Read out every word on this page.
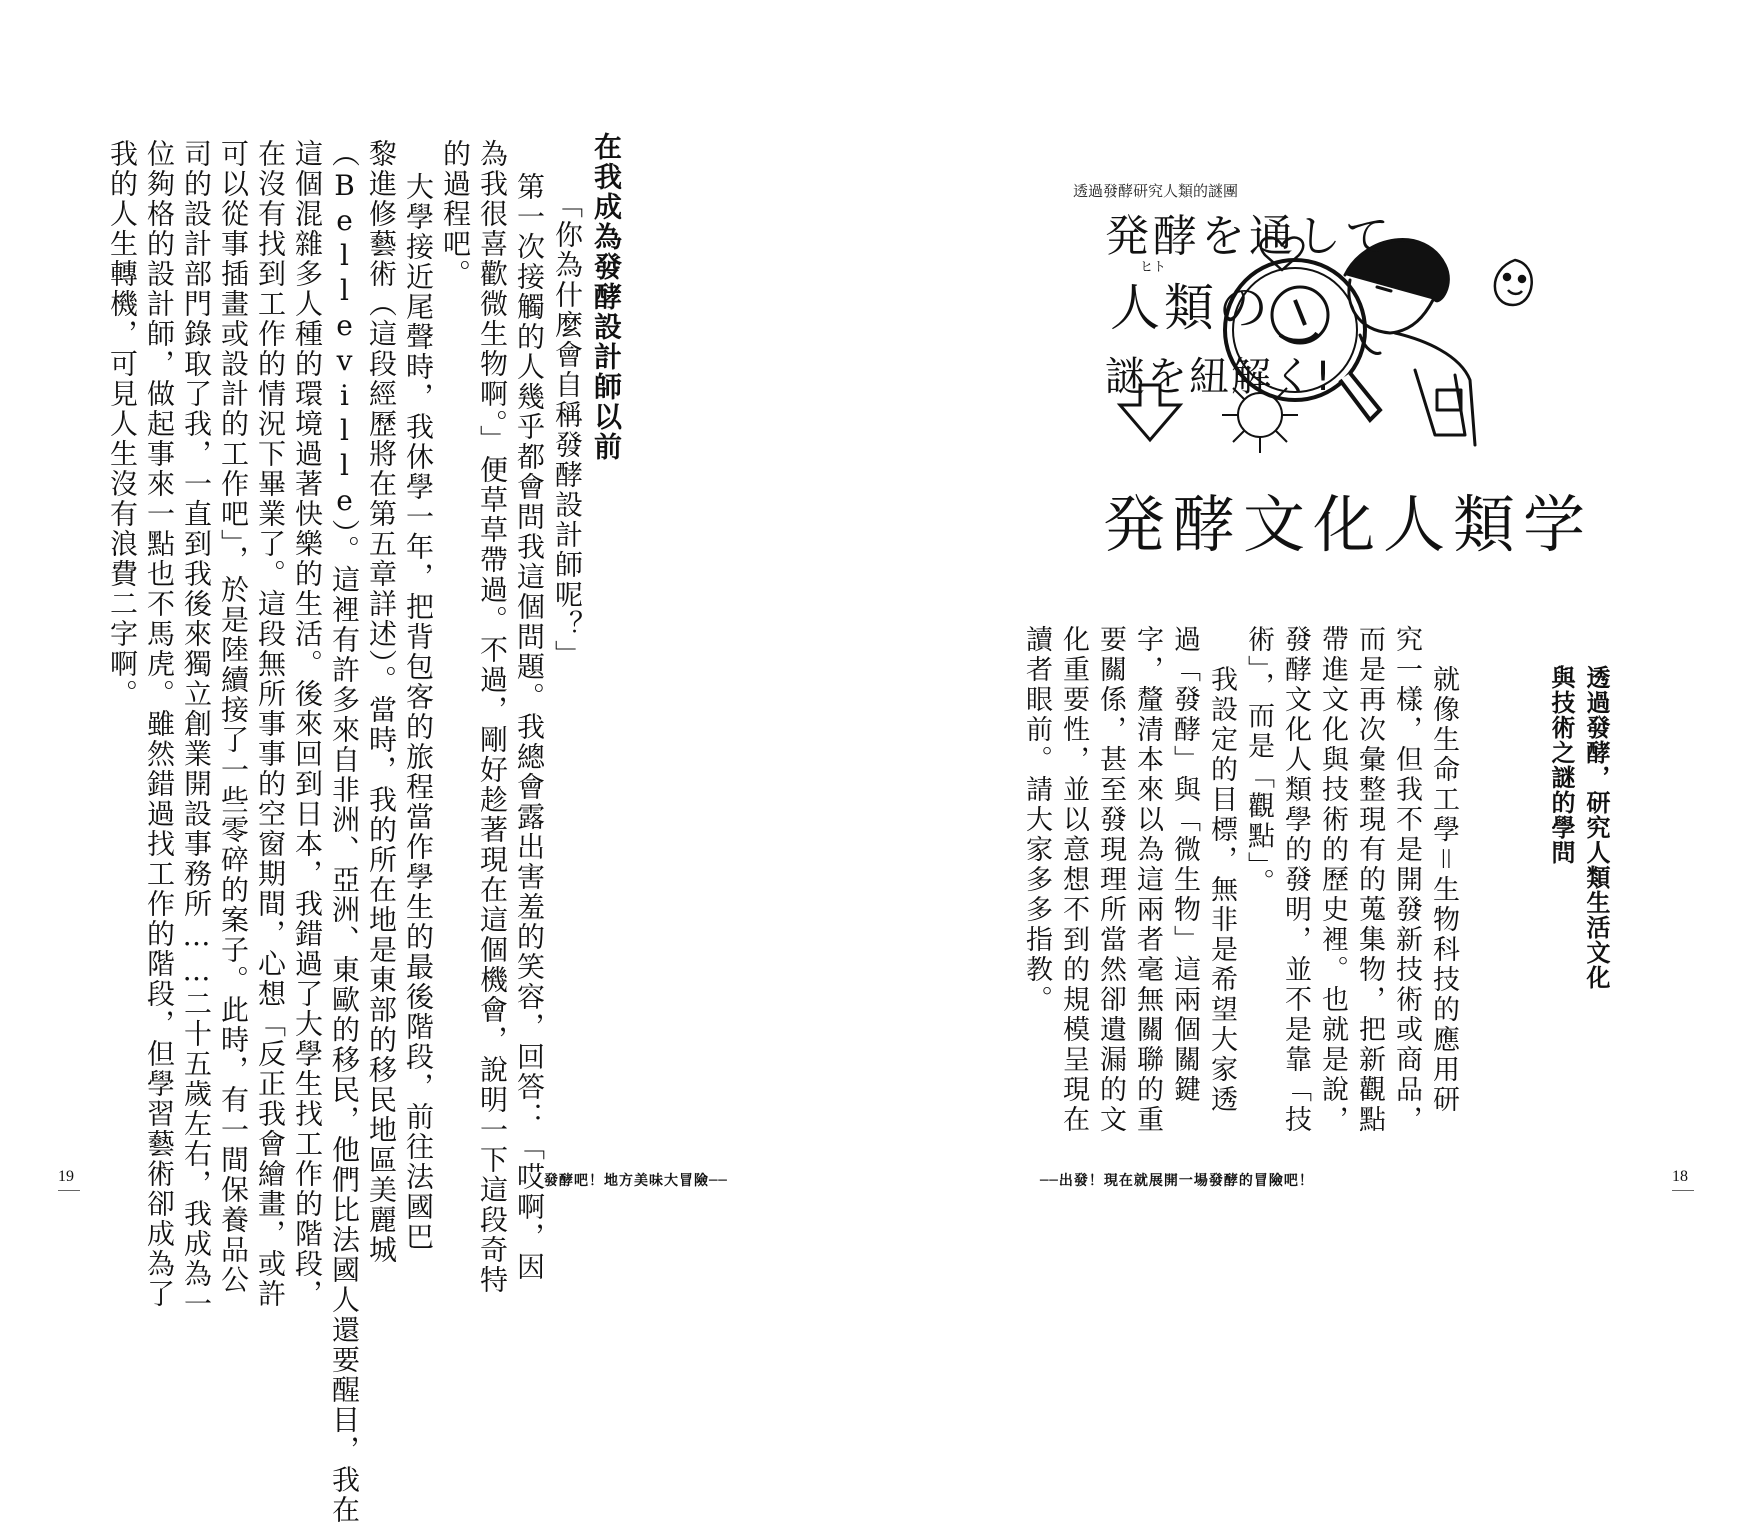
在我成為發酵設計師以前
「你為什麼會自稱發酵設計師呢？」
第一次接觸的人幾乎都會問我這個問題。我總會露出害羞的笑容，回答：「哎啊，因
為我很喜歡微生物啊。」便草草帶過。不過，剛好趁著現在這個機會，說明一下這段奇特
的過程吧。
大學接近尾聲時，我休學一年，把背包客的旅程當作學生的最後階段，前往法國巴
黎進修藝術（這段經歷將在第五章詳述）。當時，我的所在地是東部的移民地區美麗城
（Belleville）。這裡有許多來自非洲、亞洲、東歐的移民，他們比法國人還要醒目，我在
這個混雜多人種的環境過著快樂的生活。後來回到日本，我錯過了大學生找工作的階段，
在沒有找到工作的情況下畢業了。這段無所事事的空窗期間，心想「反正我會繪畫，或許
可以從事插畫或設計的工作吧」，於是陸續接了一些零碎的案子。此時，有一間保養品公
司的設計部門錄取了我，一直到我後來獨立創業開設事務所……二十五歲左右，我成為一
位夠格的設計師，做起事來一點也不馬虎。雖然錯過找工作的階段，但學習藝術卻成為了
我的人生轉機，可見人生沒有浪費二字啊。
19	發酵吧！地方美味大冒險──
透過發酵研究人類的謎團
発酵を通して
ヒト
人類の
謎を紐解く!
発酵文化人類学
透過發酵，研究人類生活文化
與技術之謎的學問
就像生命工學＝生物科技的應用研
究一樣，但我不是開發新技術或商品，
而是再次彙整現有的蒐集物，把新觀點
帶進文化與技術的歷史裡。也就是說，
發酵文化人類學的發明，並不是靠「技
術」，而是「觀點」。
我設定的目標，無非是希望大家透
過「發酵」與「微生物」這兩個關鍵
字，釐清本來以為這兩者毫無關聯的重
要關係，甚至發現理所當然卻遺漏的文
化重要性，並以意想不到的規模呈現在
讀者眼前。請大家多多指教。
──出發！現在就展開一場發酵的冒險吧！	18
